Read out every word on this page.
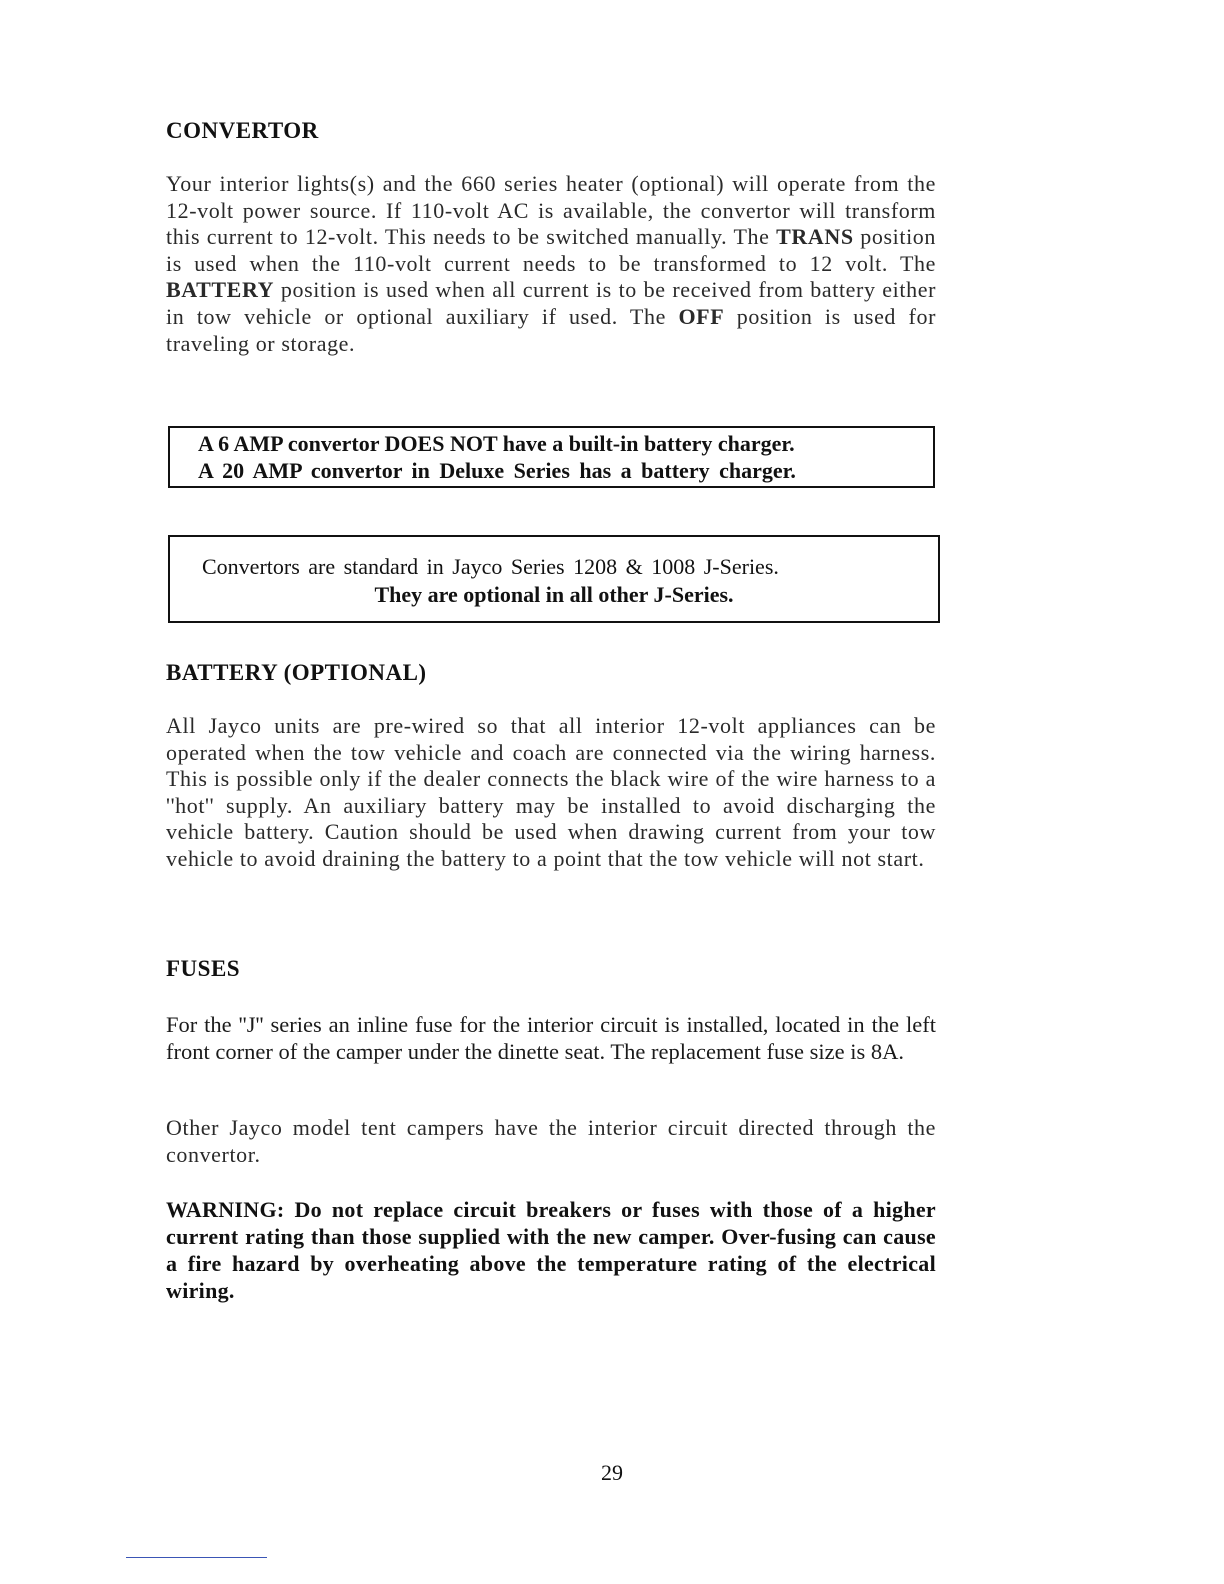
CONVERTOR

Your interior lights(s) and the 660 series heater (optional) will operate from the 12-volt power source. If 110-volt AC is available, the convertor will transform this current to 12-volt. This needs to be switched manually. The TRANS position is used when the 110-volt current needs to be transformed to 12 volt. The BATTERY position is used when all current is to be received from battery either in tow vehicle or optional auxiliary if used. The OFF position is used for traveling or storage.

A 6 AMP convertor DOES NOT have a built-in battery charger.

A 20 AMP convertor in Deluxe Series has a battery charger.

Convertors are standard in Jayco Series 1208 & 1008 J-Series.

They are optional in all other J-Series.

BATTERY (OPTIONAL)

All Jayco units are pre-wired so that all interior 12-volt appliances can be operated when the tow vehicle and coach are connected via the wiring harness. This is possible only if the dealer connects the black wire of the wire harness to a ''hot'' supply. An auxiliary battery may be installed to avoid discharging the vehicle battery. Caution should be used when drawing current from your tow vehicle to avoid draining the battery to a point that the tow vehicle will not start.

FUSES

For the ''J'' series an inline fuse for the interior circuit is installed, located in the left front corner of the camper under the dinette seat. The replacement fuse size is 8A.

Other Jayco model tent campers have the interior circuit directed through the convertor.

WARNING: Do not replace circuit breakers or fuses with those of a higher current rating than those supplied with the new camper. Over-fusing can cause a fire hazard by overheating above the temperature rating of the electrical wiring.

29
